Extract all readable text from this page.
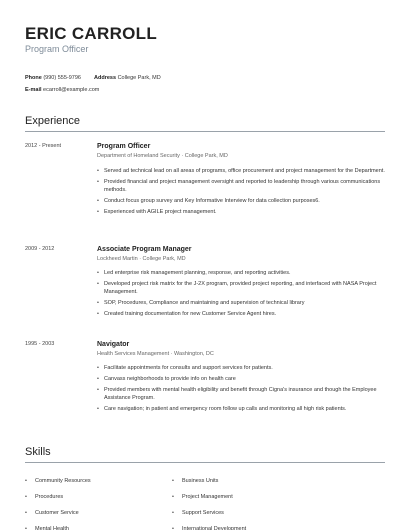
ERIC CARROLL
Program Officer
Phone (990) 555-9796 Address College Park, MD
E-mail ecarroll@example.com
Experience
2012 - Present	Program Officer
Department of Homeland Security · College Park, MD
• Served ad technical lead on all areas of programs, office procurement and project management for the Department.
• Provided financial and project management oversight and reported to leadership through various communications methods.
• Conduct focus group survey and Key Informative Interview for data collection purposes6.
• Experienced with AGILE project management.
2009 - 2012	Associate Program Manager
Lockheed Martin · College Park, MD
• Led enterprise risk management planning, response, and reporting activities.
• Developed project risk matrix for the J-2X program, provided project reporting, and interfaced with NASA Project Management.
• SOP, Procedures, Compliance and maintaining and supervision of technical library
• Created training documentation for new Customer Service Agent hires.
1995 - 2003	Navigator
Health Services Management · Washington, DC
• Facilitate appointments for consults and support services for patients.
• Canvass neighborhoods to provide info on health care
• Provided members with mental health eligibility and benefit through Cigna's insurance and though the Employee Assistance Program.
• Care navigation; in patient and emergency room follow up calls and monitoring all high risk patients.
Skills
• Community Resources	• Business Units
• Procedures	• Project Management
• Customer Service	• Support Services
• Mental Health	• International Development
